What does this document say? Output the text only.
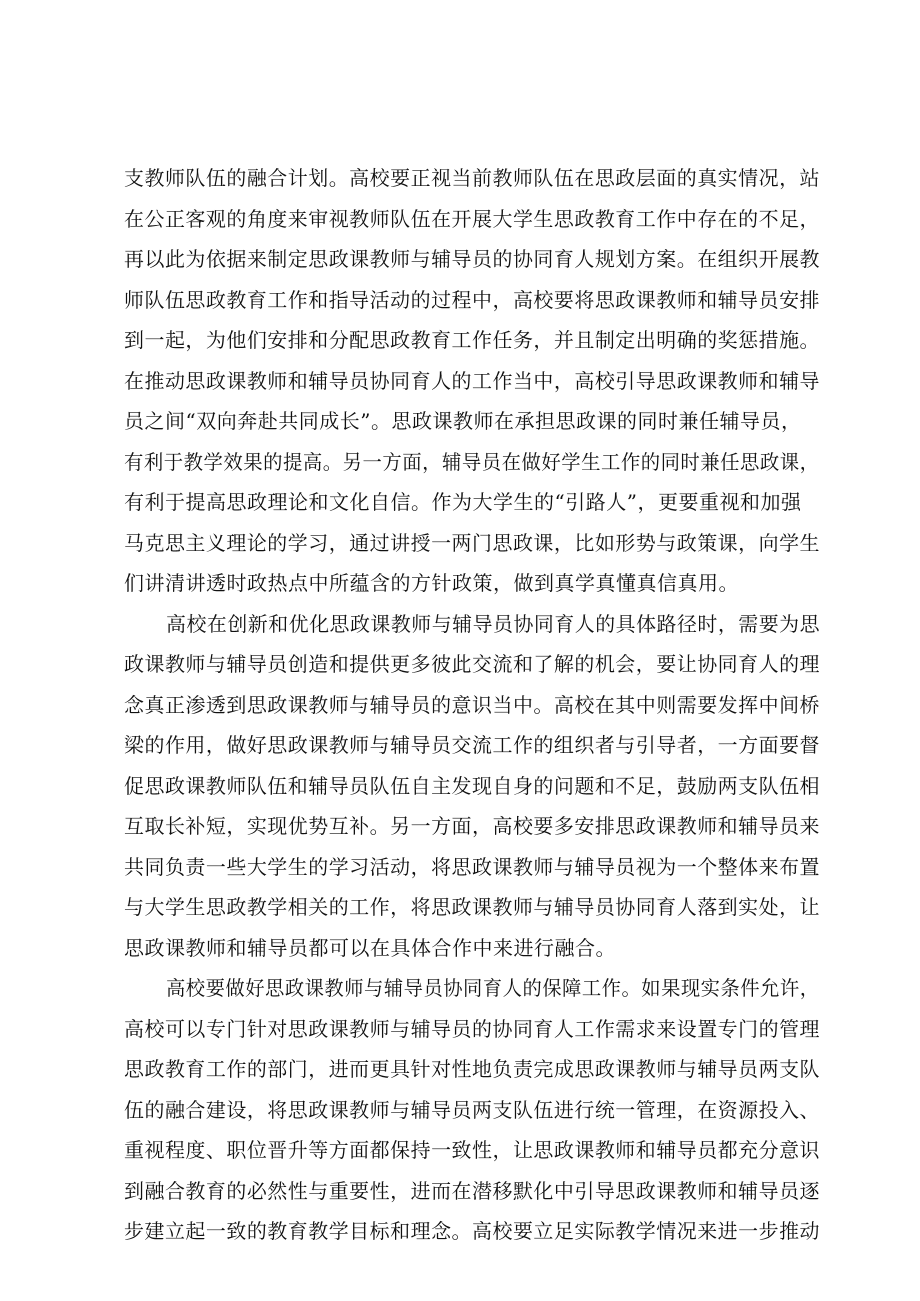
支教师队伍的融合计划。高校要正视当前教师队伍在思政层面的真实情况，站
在公正客观的角度来审视教师队伍在开展大学生思政教育工作中存在的不足，
再以此为依据来制定思政课教师与辅导员的协同育人规划方案。在组织开展教
师队伍思政教育工作和指导活动的过程中，高校要将思政课教师和辅导员安排
到一起，为他们安排和分配思政教育工作任务，并且制定出明确的奖惩措施。
在推动思政课教师和辅导员协同育人的工作当中，高校引导思政课教师和辅导
员之间“双向奔赴共同成长”。思政课教师在承担思政课的同时兼任辅导员，
有利于教学效果的提高。另一方面，辅导员在做好学生工作的同时兼任思政课，
有利于提高思政理论和文化自信。作为大学生的“引路人”，更要重视和加强
马克思主义理论的学习，通过讲授一两门思政课，比如形势与政策课，向学生
们讲清讲透时政热点中所蕴含的方针政策，做到真学真懂真信真用。
高校在创新和优化思政课教师与辅导员协同育人的具体路径时，需要为思
政课教师与辅导员创造和提供更多彼此交流和了解的机会，要让协同育人的理
念真正渗透到思政课教师与辅导员的意识当中。高校在其中则需要发挥中间桥
梁的作用，做好思政课教师与辅导员交流工作的组织者与引导者，一方面要督
促思政课教师队伍和辅导员队伍自主发现自身的问题和不足，鼓励两支队伍相
互取长补短，实现优势互补。另一方面，高校要多安排思政课教师和辅导员来
共同负责一些大学生的学习活动，将思政课教师与辅导员视为一个整体来布置
与大学生思政教学相关的工作，将思政课教师与辅导员协同育人落到实处，让
思政课教师和辅导员都可以在具体合作中来进行融合。
高校要做好思政课教师与辅导员协同育人的保障工作。如果现实条件允许，
高校可以专门针对思政课教师与辅导员的协同育人工作需求来设置专门的管理
思政教育工作的部门，进而更具针对性地负责完成思政课教师与辅导员两支队
伍的融合建设，将思政课教师与辅导员两支队伍进行统一管理，在资源投入、
重视程度、职位晋升等方面都保持一致性，让思政课教师和辅导员都充分意识
到融合教育的必然性与重要性，进而在潜移默化中引导思政课教师和辅导员逐
步建立起一致的教育教学目标和理念。高校要立足实际教学情况来进一步推动
